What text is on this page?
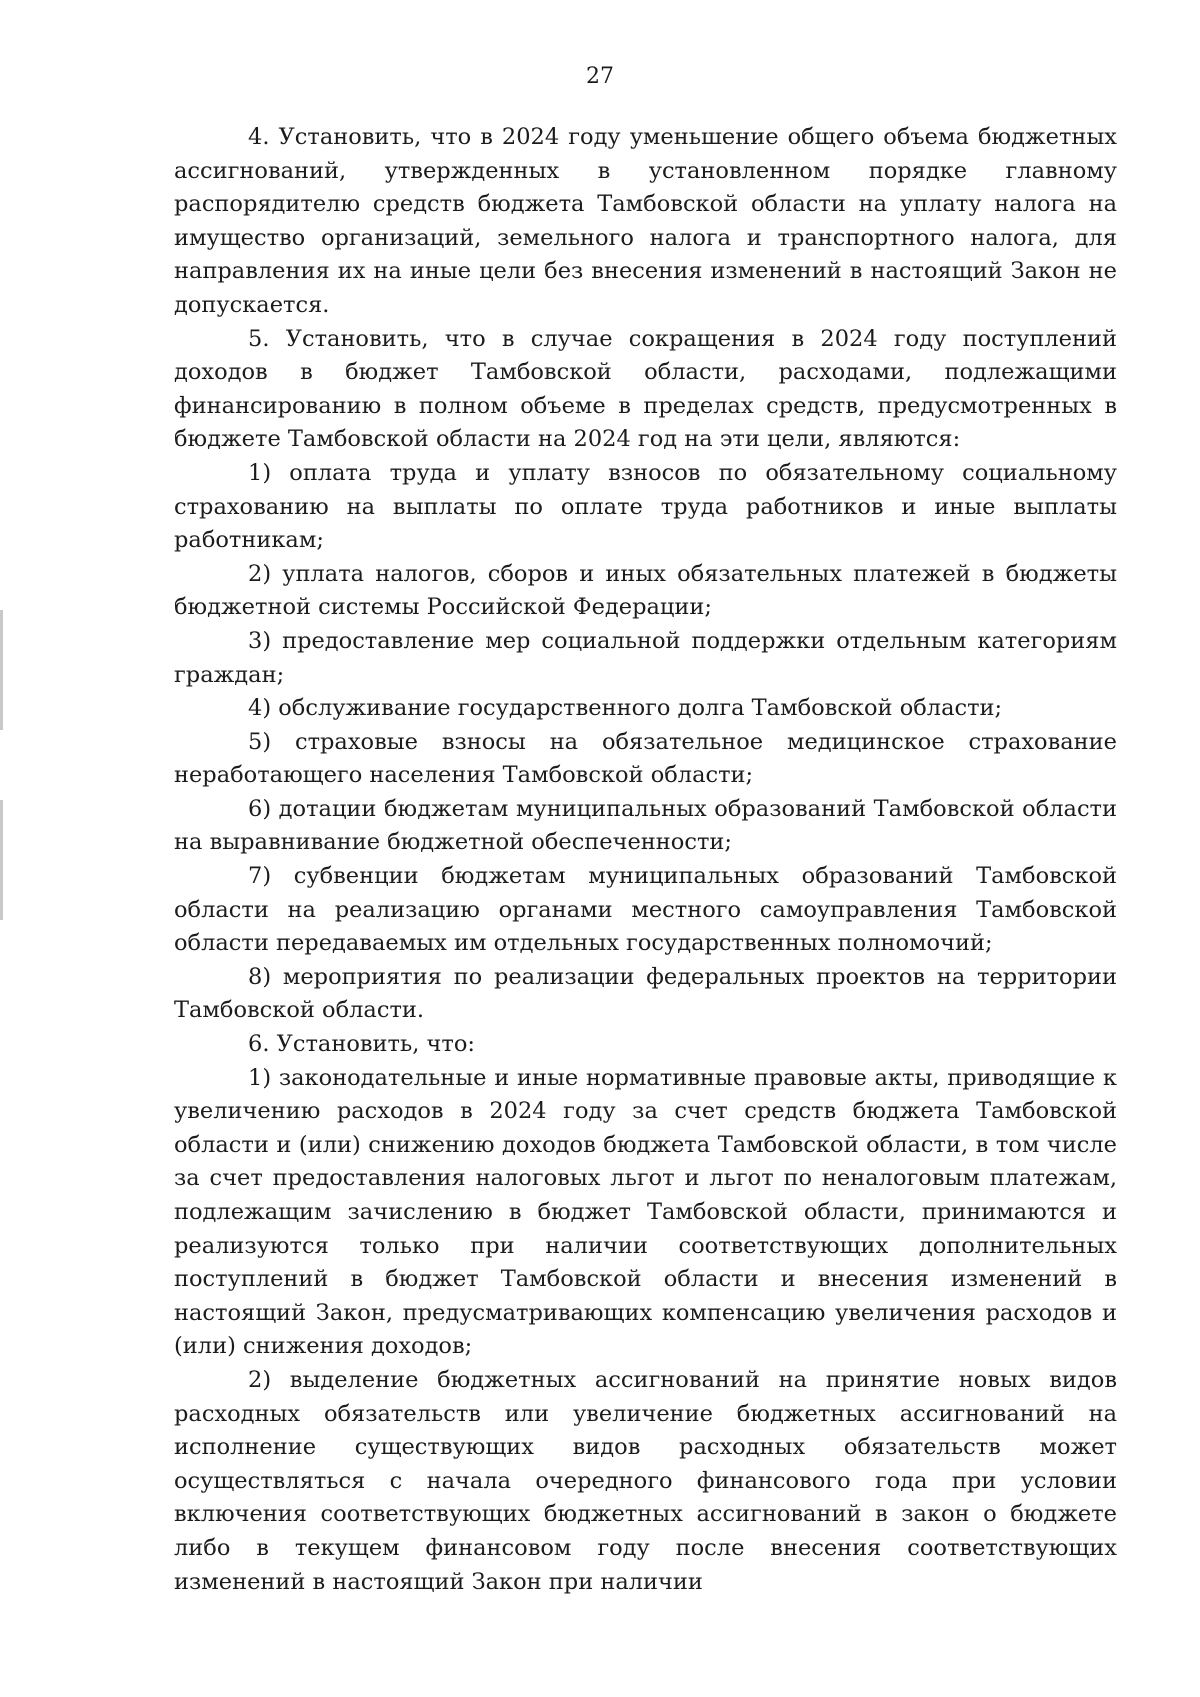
27

4. Установить, что в 2024 году уменьшение общего объема бюджетных ассигнований, утвержденных в установленном порядке главному распорядителю средств бюджета Тамбовской области на уплату налога на имущество организаций, земельного налога и транспортного налога, для направления их на иные цели без внесения изменений в настоящий Закон не допускается.

5. Установить, что в случае сокращения в 2024 году поступлений доходов в бюджет Тамбовской области, расходами, подлежащими финансированию в полном объеме в пределах средств, предусмотренных в бюджете Тамбовской области на 2024 год на эти цели, являются:

1) оплата труда и уплату взносов по обязательному социальному страхованию на выплаты по оплате труда работников и иные выплаты работникам;

2) уплата налогов, сборов и иных обязательных платежей в бюджеты бюджетной системы Российской Федерации;

3) предоставление мер социальной поддержки отдельным категориям граждан;

4) обслуживание государственного долга Тамбовской области;

5) страховые взносы на обязательное медицинское страхование неработающего населения Тамбовской области;

6) дотации бюджетам муниципальных образований Тамбовской области на выравнивание бюджетной обеспеченности;

7) субвенции бюджетам муниципальных образований Тамбовской области на реализацию органами местного самоуправления Тамбовской области передаваемых им отдельных государственных полномочий;

8) мероприятия по реализации федеральных проектов на территории Тамбовской области.

6. Установить, что:

1) законодательные и иные нормативные правовые акты, приводящие к увеличению расходов в 2024 году за счет средств бюджета Тамбовской области и (или) снижению доходов бюджета Тамбовской области, в том числе за счет предоставления налоговых льгот и льгот по неналоговым платежам, подлежащим зачислению в бюджет Тамбовской области, принимаются и реализуются только при наличии соответствующих дополнительных поступлений в бюджет Тамбовской области и внесения изменений в настоящий Закон, предусматривающих компенсацию увеличения расходов и (или) снижения доходов;

2) выделение бюджетных ассигнований на принятие новых видов расходных обязательств или увеличение бюджетных ассигнований на исполнение существующих видов расходных обязательств может осуществляться с начала очередного финансового года при условии включения соответствующих бюджетных ассигнований в закон о бюджете либо в текущем финансовом году после внесения соответствующих изменений в настоящий Закон при наличии
